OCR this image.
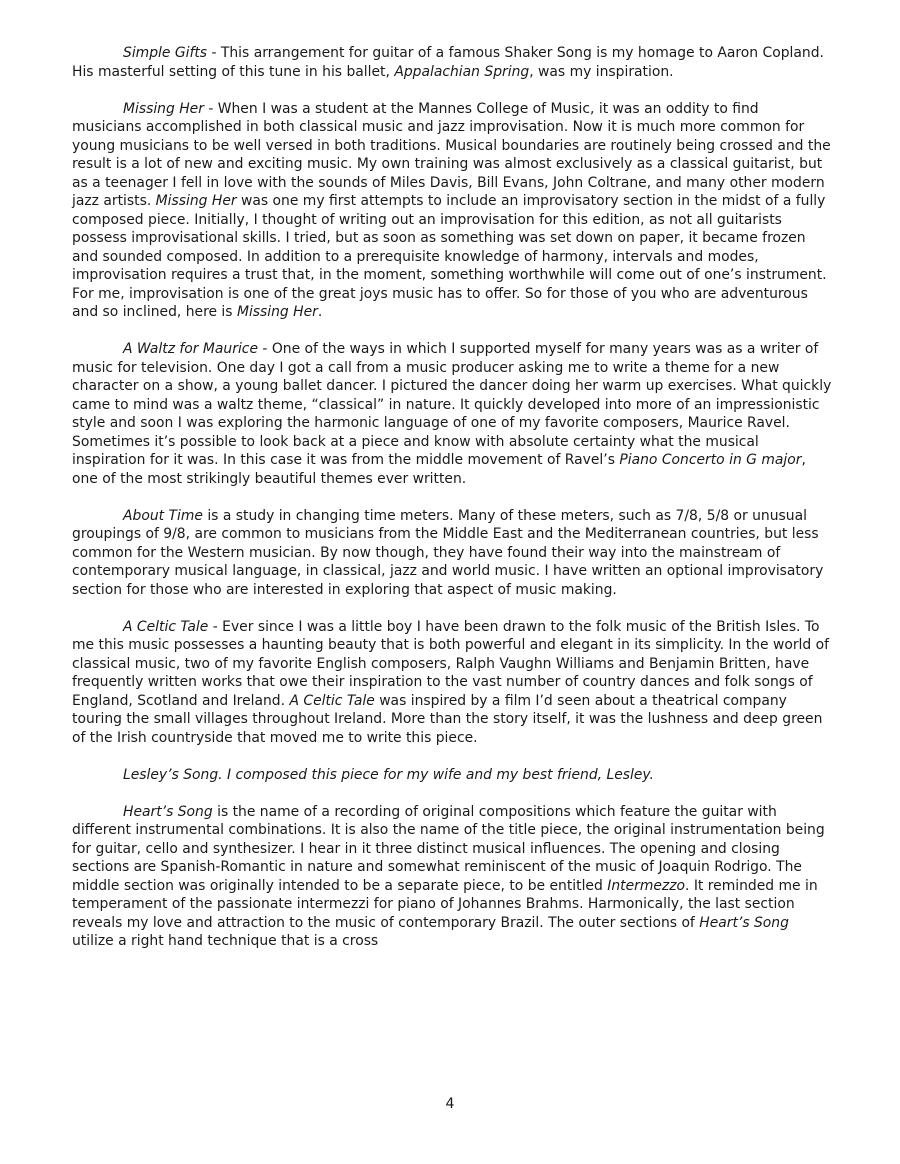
Simple Gifts - This arrangement for guitar of a famous Shaker Song is my homage to Aaron Copland. His masterful setting of this tune in his ballet, Appalachian Spring, was my inspiration.

Missing Her - When I was a student at the Mannes College of Music, it was an oddity to find musicians accomplished in both classical music and jazz improvisation. Now it is much more common for young musicians to be well versed in both traditions. Musical boundaries are routinely being crossed and the result is a lot of new and exciting music. My own training was almost exclusively as a classical guitarist, but as a teenager I fell in love with the sounds of Miles Davis, Bill Evans, John Coltrane, and many other modern jazz artists. Missing Her was one my first attempts to include an improvisatory section in the midst of a fully composed piece. Initially, I thought of writing out an improvisation for this edition, as not all guitarists possess improvisational skills. I tried, but as soon as something was set down on paper, it became frozen and sounded composed. In addition to a prerequisite knowledge of harmony, intervals and modes, improvisation requires a trust that, in the moment, something worthwhile will come out of one’s instrument. For me, improvisation is one of the great joys music has to offer. So for those of you who are adventurous and so inclined, here is Missing Her.

A Waltz for Maurice - One of the ways in which I supported myself for many years was as a writer of music for television. One day I got a call from a music producer asking me to write a theme for a new character on a show, a young ballet dancer. I pictured the dancer doing her warm up exercises. What quickly came to mind was a waltz theme, “classical” in nature. It quickly developed into more of an impressionistic style and soon I was exploring the harmonic language of one of my favorite composers, Maurice Ravel. Sometimes it’s possible to look back at a piece and know with absolute certainty what the musical inspiration for it was. In this case it was from the middle movement of Ravel’s Piano Concerto in G major, one of the most strikingly beautiful themes ever written.

About Time is a study in changing time meters. Many of these meters, such as 7/8, 5/8 or unusual groupings of 9/8, are common to musicians from the Middle East and the Mediterranean countries, but less common for the Western musician. By now though, they have found their way into the mainstream of contemporary musical language, in classical, jazz and world music. I have written an optional improvisatory section for those who are interested in exploring that aspect of music making.

A Celtic Tale - Ever since I was a little boy I have been drawn to the folk music of the British Isles. To me this music possesses a haunting beauty that is both powerful and elegant in its simplicity. In the world of classical music, two of my favorite English composers, Ralph Vaughn Williams and Benjamin Britten, have frequently written works that owe their inspiration to the vast number of country dances and folk songs of England, Scotland and Ireland. A Celtic Tale was inspired by a film I’d seen about a theatrical company touring the small villages throughout Ireland. More than the story itself, it was the lushness and deep green of the Irish countryside that moved me to write this piece.

Lesley’s Song. I composed this piece for my wife and my best friend, Lesley.

Heart’s Song is the name of a recording of original compositions which feature the guitar with different instrumental combinations. It is also the name of the title piece, the original instrumentation being for guitar, cello and synthesizer. I hear in it three distinct musical influences. The opening and closing sections are Spanish-Romantic in nature and somewhat reminiscent of the music of Joaquin Rodrigo. The middle section was originally intended to be a separate piece, to be entitled Intermezzo. It reminded me in temperament of the passionate intermezzi for piano of Johannes Brahms. Harmonically, the last section reveals my love and attraction to the music of contemporary Brazil. The outer sections of Heart’s Song utilize a right hand technique that is a cross

4
